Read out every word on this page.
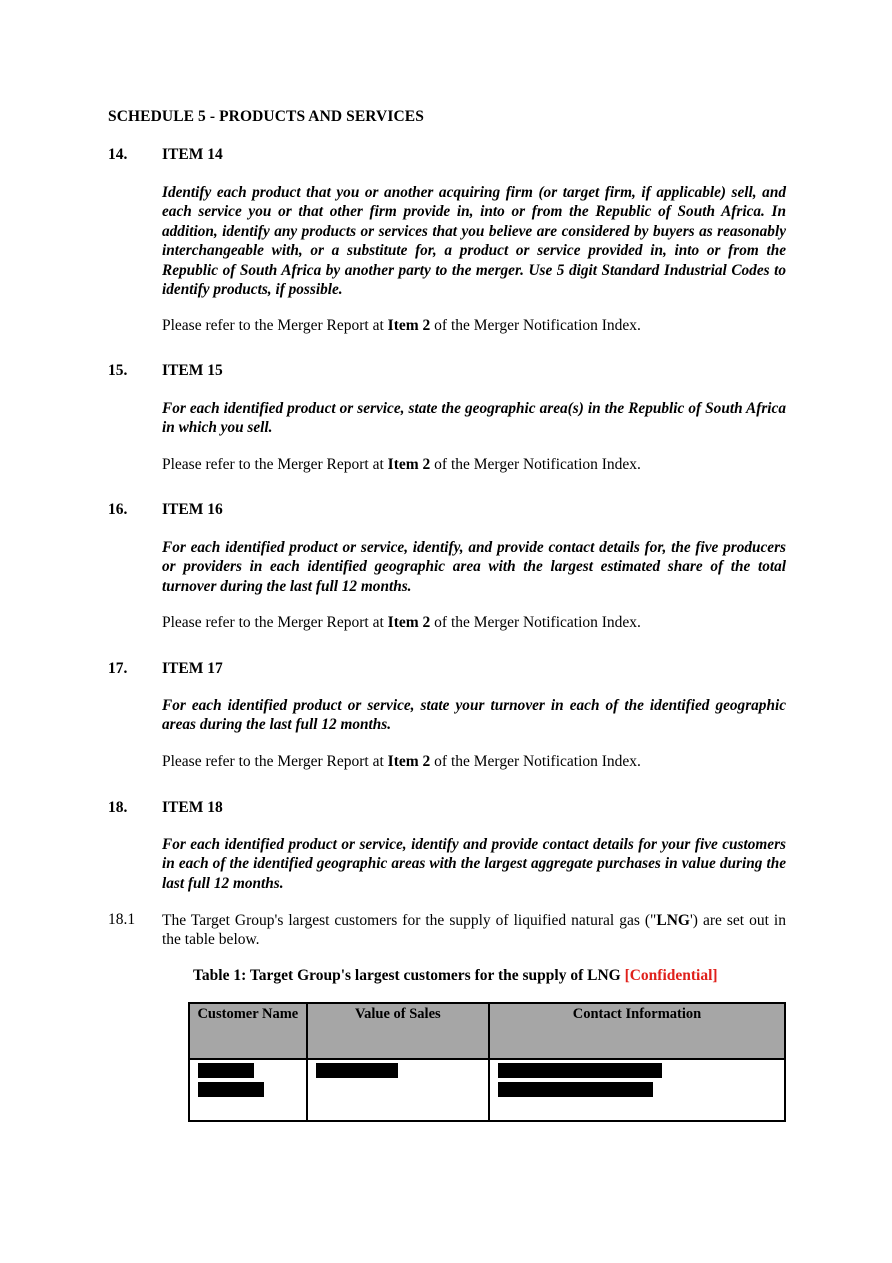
SCHEDULE 5 - PRODUCTS AND SERVICES
14. ITEM 14
Identify each product that you or another acquiring firm (or target firm, if applicable) sell, and each service you or that other firm provide in, into or from the Republic of South Africa. In addition, identify any products or services that you believe are considered by buyers as reasonably interchangeable with, or a substitute for, a product or service provided in, into or from the Republic of South Africa by another party to the merger. Use 5 digit Standard Industrial Codes to identify products, if possible.
Please refer to the Merger Report at Item 2 of the Merger Notification Index.
15. ITEM 15
For each identified product or service, state the geographic area(s) in the Republic of South Africa in which you sell.
Please refer to the Merger Report at Item 2 of the Merger Notification Index.
16. ITEM 16
For each identified product or service, identify, and provide contact details for, the five producers or providers in each identified geographic area with the largest estimated share of the total turnover during the last full 12 months.
Please refer to the Merger Report at Item 2 of the Merger Notification Index.
17. ITEM 17
For each identified product or service, state your turnover in each of the identified geographic areas during the last full 12 months.
Please refer to the Merger Report at Item 2 of the Merger Notification Index.
18. ITEM 18
For each identified product or service, identify and provide contact details for your five customers in each of the identified geographic areas with the largest aggregate purchases in value during the last full 12 months.
18.1 The Target Group's largest customers for the supply of liquified natural gas ("LNG') are set out in the table below.
Table 1: Target Group's largest customers for the supply of LNG [Confidential]
Customer Name	Value of Sales	Contact Information
